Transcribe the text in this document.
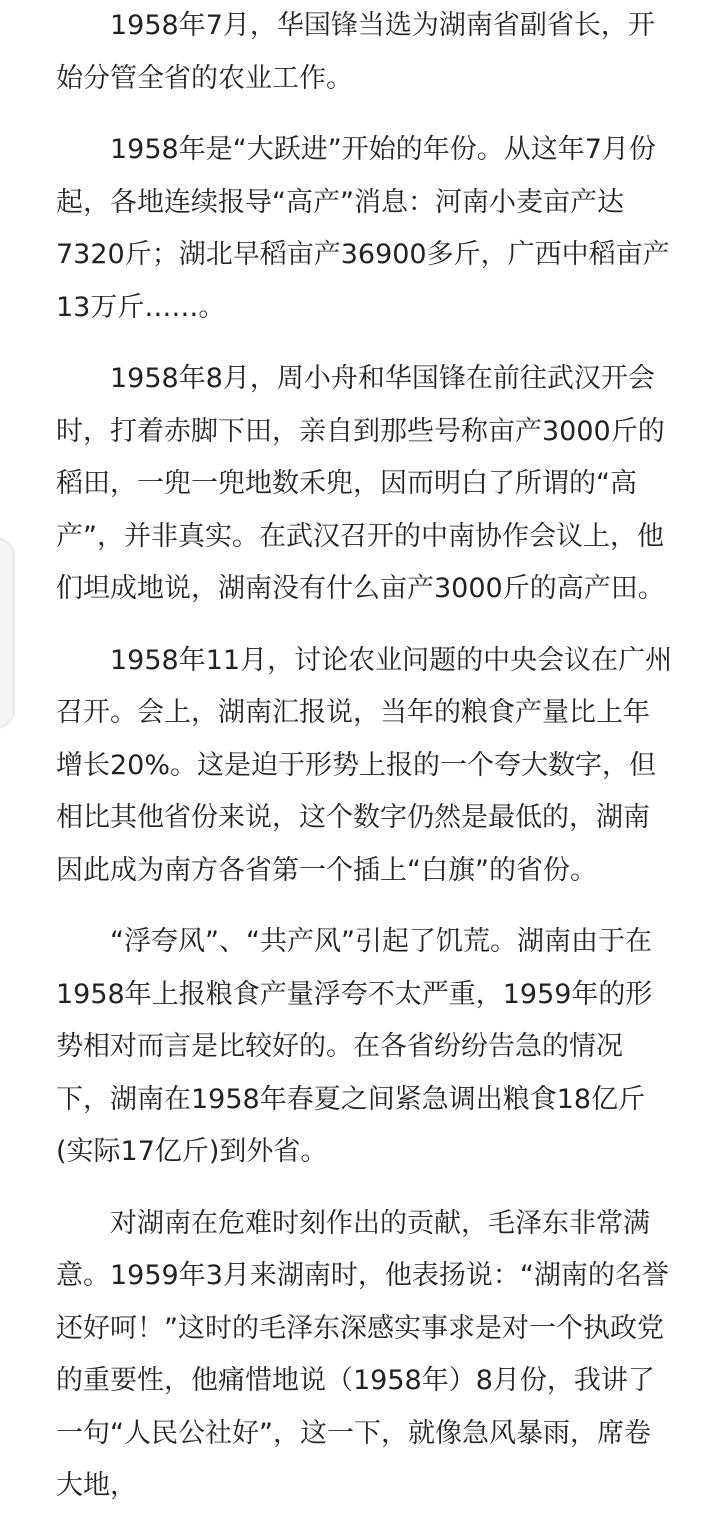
1958年7月，华国锋当选为湖南省副省长，开始分管全省的农业工作。

1958年是“大跃进”开始的年份。从这年7月份起，各地连续报导“高产”消息：河南小麦亩产达7320斤；湖北早稻亩产36900多斤，广西中稻亩产13万斤……。

1958年8月，周小舟和华国锋在前往武汉开会时，打着赤脚下田，亲自到那些号称亩产3000斤的稻田，一兜一兜地数禾兜，因而明白了所谓的“高产”，并非真实。在武汉召开的中南协作会议上，他们坦成地说，湖南没有什么亩产3000斤的高产田。

1958年11月，讨论农业问题的中央会议在广州召开。会上，湖南汇报说，当年的粮食产量比上年增长20%。这是迫于形势上报的一个夸大数字，但相比其他省份来说，这个数字仍然是最低的，湖南因此成为南方各省第一个插上“白旗”的省份。

“浮夸风”、“共产风”引起了饥荒。湖南由于在1958年上报粮食产量浮夸不太严重，1959年的形势相对而言是比较好的。在各省纷纷告急的情况下，湖南在1958年春夏之间紧急调出粮食18亿斤(实际17亿斤)到外省。

对湖南在危难时刻作出的贡献，毛泽东非常满意。1959年3月来湖南时，他表扬说：“湖南的名誉还好呵！”这时的毛泽东深感实事求是对一个执政党的重要性，他痛惜地说（1958年）8月份，我讲了一句“人民公社好”，这一下，就像急风暴雨，席卷大地，
